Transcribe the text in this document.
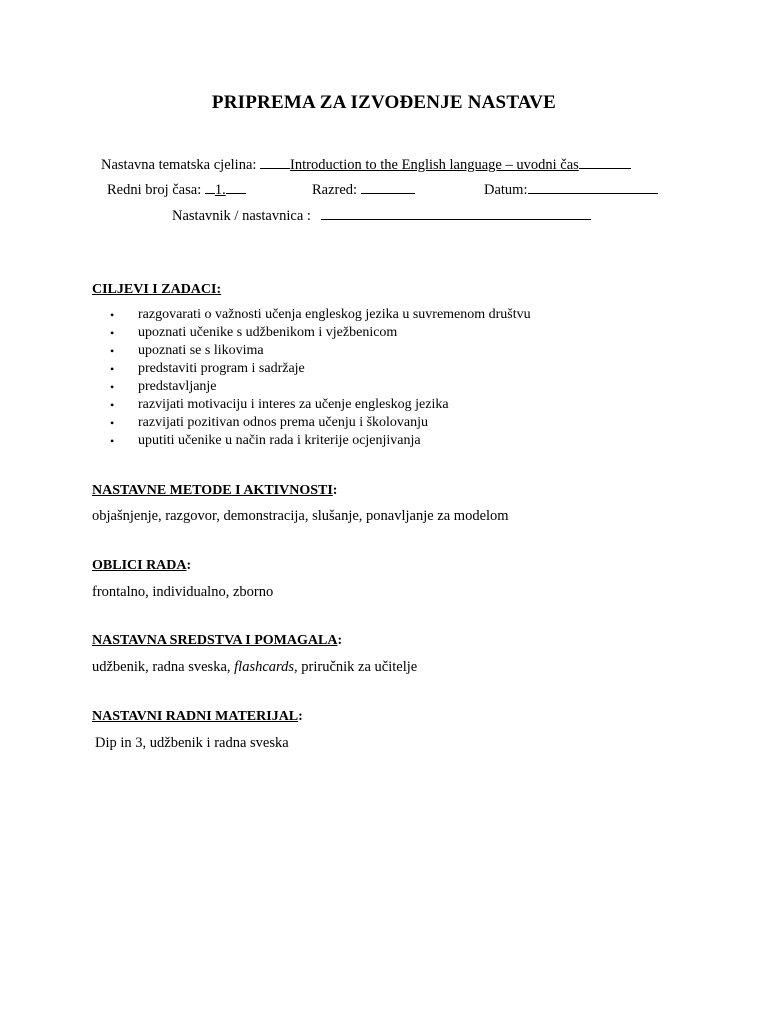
PRIPREMA ZA IZVOĐENJE NASTAVE
Nastavna tematska cjelina: Introduction to the English language – uvodni čas
Redni broj časa: 1.	Razred:	Datum:
Nastavnik / nastavnica :
CILJEVI I ZADACI:
• razgovarati o važnosti učenja engleskog jezika u suvremenom društvu
• upoznati učenike s udžbenikom i vježbenicom
• upoznati se s likovima
• predstaviti program i sadržaje
• predstavljanje
• razvijati motivaciju i interes za učenje engleskog jezika
• razvijati pozitivan odnos prema učenju i školovanju
• uputiti učenike u način rada i kriterije ocjenjivanja
NASTAVNE METODE I AKTIVNOSTI:
objašnjenje, razgovor, demonstracija, slušanje, ponavljanje za modelom
OBLICI RADA:
frontalno, individualno, zborno
NASTAVNA SREDSTVA I POMAGALA:
udžbenik, radna sveska, flashcards, priručnik za učitelje
NASTAVNI RADNI MATERIJAL:
Dip in 3, udžbenik i radna sveska
